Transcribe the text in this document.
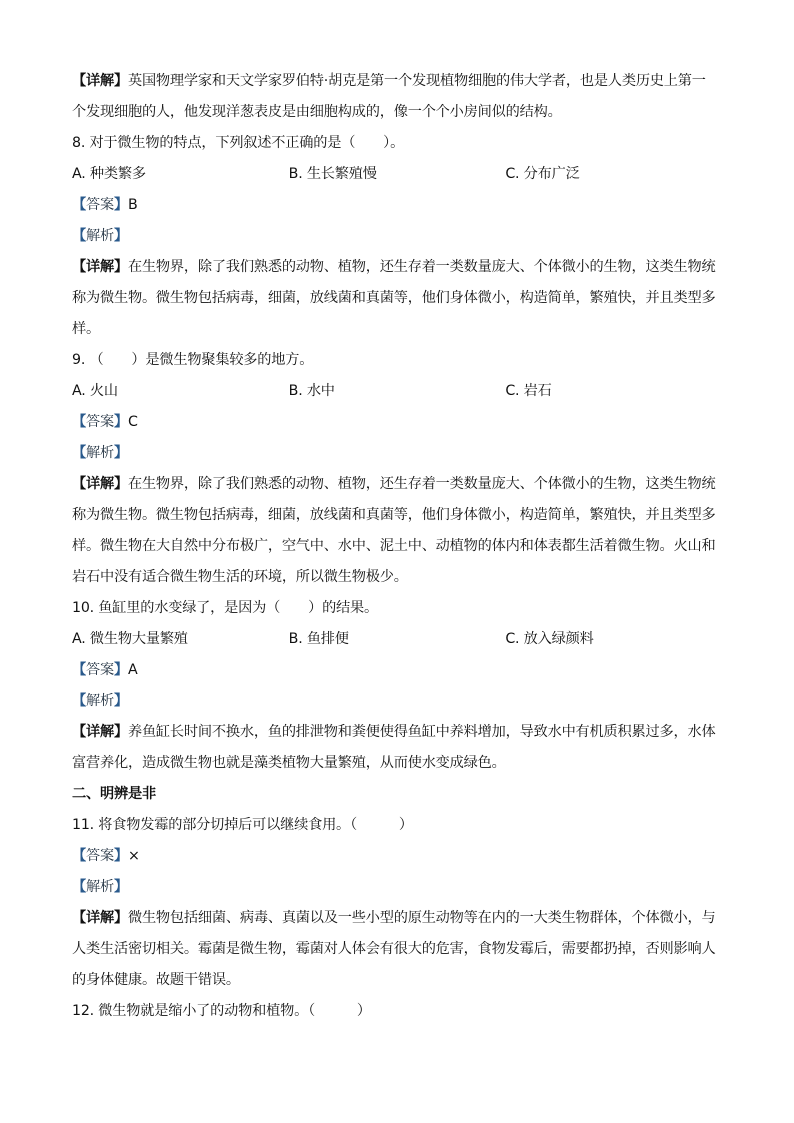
【详解】英国物理学家和天文学家罗伯特·胡克是第一个发现植物细胞的伟大学者，也是人类历史上第一
个发现细胞的人，他发现洋葱表皮是由细胞构成的，像一个个小房间似的结构。
8. 对于微生物的特点，下列叙述不正确的是（　　）。
A. 种类繁多	B. 生长繁殖慢	C. 分布广泛
【答案】B
【解析】
【详解】在生物界，除了我们熟悉的动物、植物，还生存着一类数量庞大、个体微小的生物，这类生物统
称为微生物。微生物包括病毒，细菌，放线菌和真菌等，他们身体微小，构造简单，繁殖快，并且类型多
样。
9. （　　）是微生物聚集较多的地方。
A. 火山	B. 水中	C. 岩石
【答案】C
【解析】
【详解】在生物界，除了我们熟悉的动物、植物，还生存着一类数量庞大、个体微小的生物，这类生物统
称为微生物。微生物包括病毒，细菌，放线菌和真菌等，他们身体微小，构造简单，繁殖快，并且类型多
样。微生物在大自然中分布极广，空气中、水中、泥土中、动植物的体内和体表都生活着微生物。火山和
岩石中没有适合微生物生活的环境，所以微生物极少。
10. 鱼缸里的水变绿了，是因为（　　）的结果。
A. 微生物大量繁殖	B. 鱼排便	C. 放入绿颜料
【答案】A
【解析】
【详解】养鱼缸长时间不换水，鱼的排泄物和粪便使得鱼缸中养料增加，导致水中有机质积累过多，水体
富营养化，造成微生物也就是藻类植物大量繁殖，从而使水变成绿色。
二、明辨是非
11. 将食物发霉的部分切掉后可以继续食用。（　　　）
【答案】×
【解析】
【详解】微生物包括细菌、病毒、真菌以及一些小型的原生动物等在内的一大类生物群体，个体微小，与
人类生活密切相关。霉菌是微生物，霉菌对人体会有很大的危害，食物发霉后，需要都扔掉，否则影响人
的身体健康。故题干错误。
12. 微生物就是缩小了的动物和植物。（　　　）
